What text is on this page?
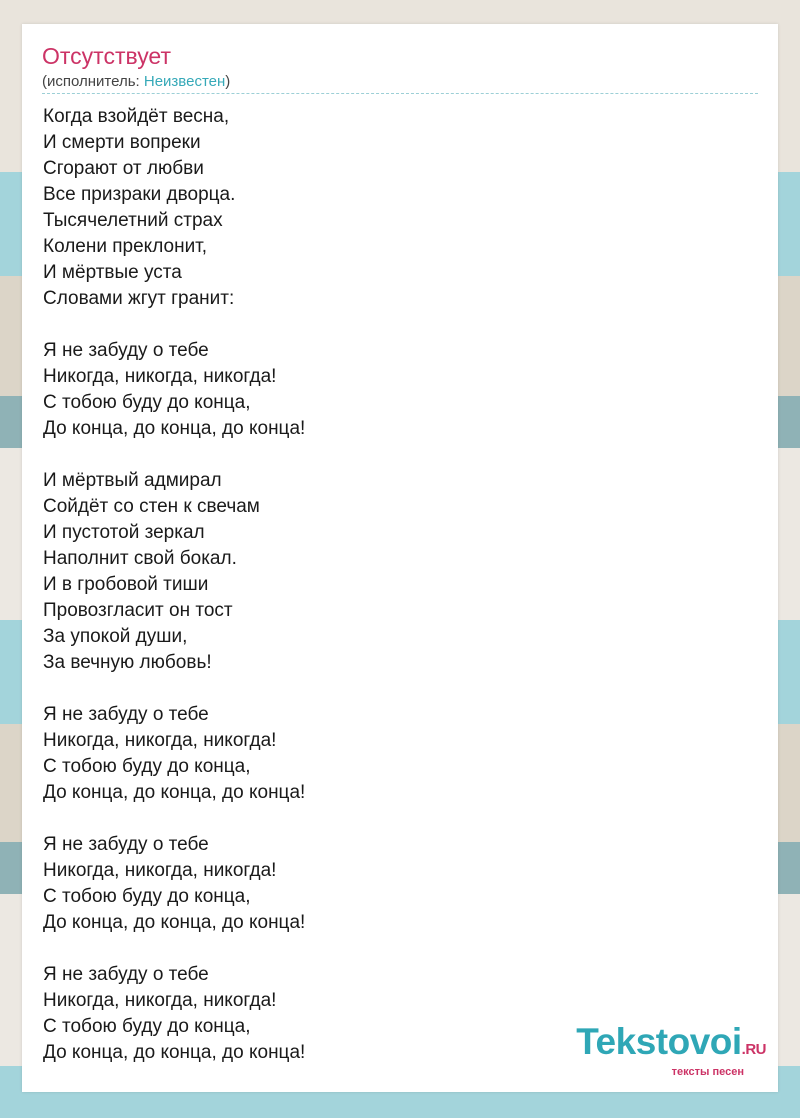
Отсутствует
(исполнитель: Неизвестен)
Когда взойдёт весна,
И смерти вопреки
Сгорают от любви
Все призраки дворца.
Тысячелетний страх
Колени преклонит,
И мёртвые уста
Словами жгут гранит:
Я не забуду о тебе
Никогда, никогда, никогда!
С тобою буду до конца,
До конца, до конца, до конца!
И мёртвый адмирал
Сойдёт со стен к свечам
И пустотой зеркал
Наполнит свой бокал.
И в гробовой тиши
Провозгласит он тост
За упокой души,
За вечную любовь!
Я не забуду о тебе
Никогда, никогда, никогда!
С тобою буду до конца,
До конца, до конца, до конца!
Я не забуду о тебе
Никогда, никогда, никогда!
С тобою буду до конца,
До конца, до конца, до конца!
Я не забуду о тебе
Никогда, никогда, никогда!
С тобою буду до конца,
До конца, до конца, до конца!	Tekstovoi.RU
тексты песен
